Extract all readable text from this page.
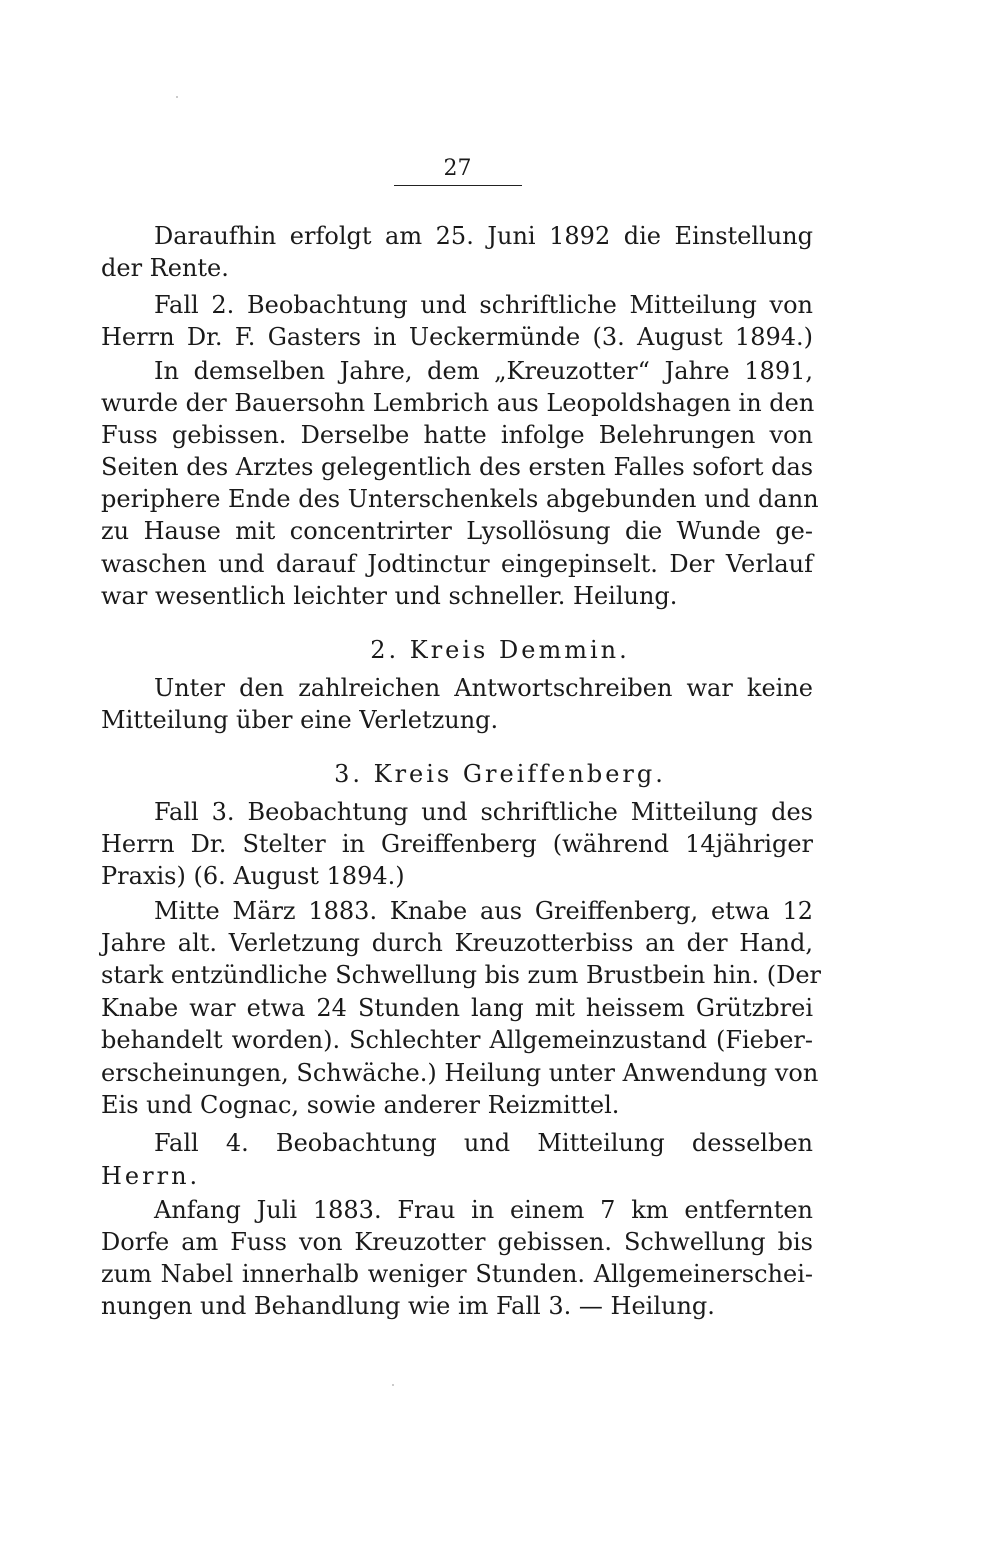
27
Daraufhin erfolgt am 25. Juni 1892 die Einstellung
der Rente.
Fall 2. Beobachtung und schriftliche Mitteilung von
Herrn Dr. F. Gasters in Ueckermünde (3. August 1894.)
In demselben Jahre, dem „Kreuzotter“ Jahre 1891,
wurde der Bauersohn Lembrich aus Leopoldshagen in den
Fuss gebissen. Derselbe hatte infolge Belehrungen von
Seiten des Arztes gelegentlich des ersten Falles sofort das
periphere Ende des Unterschenkels abgebunden und dann
zu Hause mit concentrirter Lysollösung die Wunde ge-
waschen und darauf Jodtinctur eingepinselt. Der Verlauf
war wesentlich leichter und schneller. Heilung.
2. Kreis Demmin.
Unter den zahlreichen Antwortschreiben war keine
Mitteilung über eine Verletzung.
3. Kreis Greiffenberg.
Fall 3. Beobachtung und schriftliche Mitteilung des
Herrn Dr. Stelter in Greiffenberg (während 14jähriger
Praxis) (6. August 1894.)
Mitte März 1883. Knabe aus Greiffenberg, etwa 12
Jahre alt. Verletzung durch Kreuzotterbiss an der Hand,
stark entzündliche Schwellung bis zum Brustbein hin. (Der
Knabe war etwa 24 Stunden lang mit heissem Grützbrei
behandelt worden). Schlechter Allgemeinzustand (Fieber-
erscheinungen, Schwäche.) Heilung unter Anwendung von
Eis und Cognac, sowie anderer Reizmittel.
Fall 4. Beobachtung und Mitteilung desselben
Herrn.
Anfang Juli 1883. Frau in einem 7 km entfernten
Dorfe am Fuss von Kreuzotter gebissen. Schwellung bis
zum Nabel innerhalb weniger Stunden. Allgemeinerschei-
nungen und Behandlung wie im Fall 3. — Heilung.
